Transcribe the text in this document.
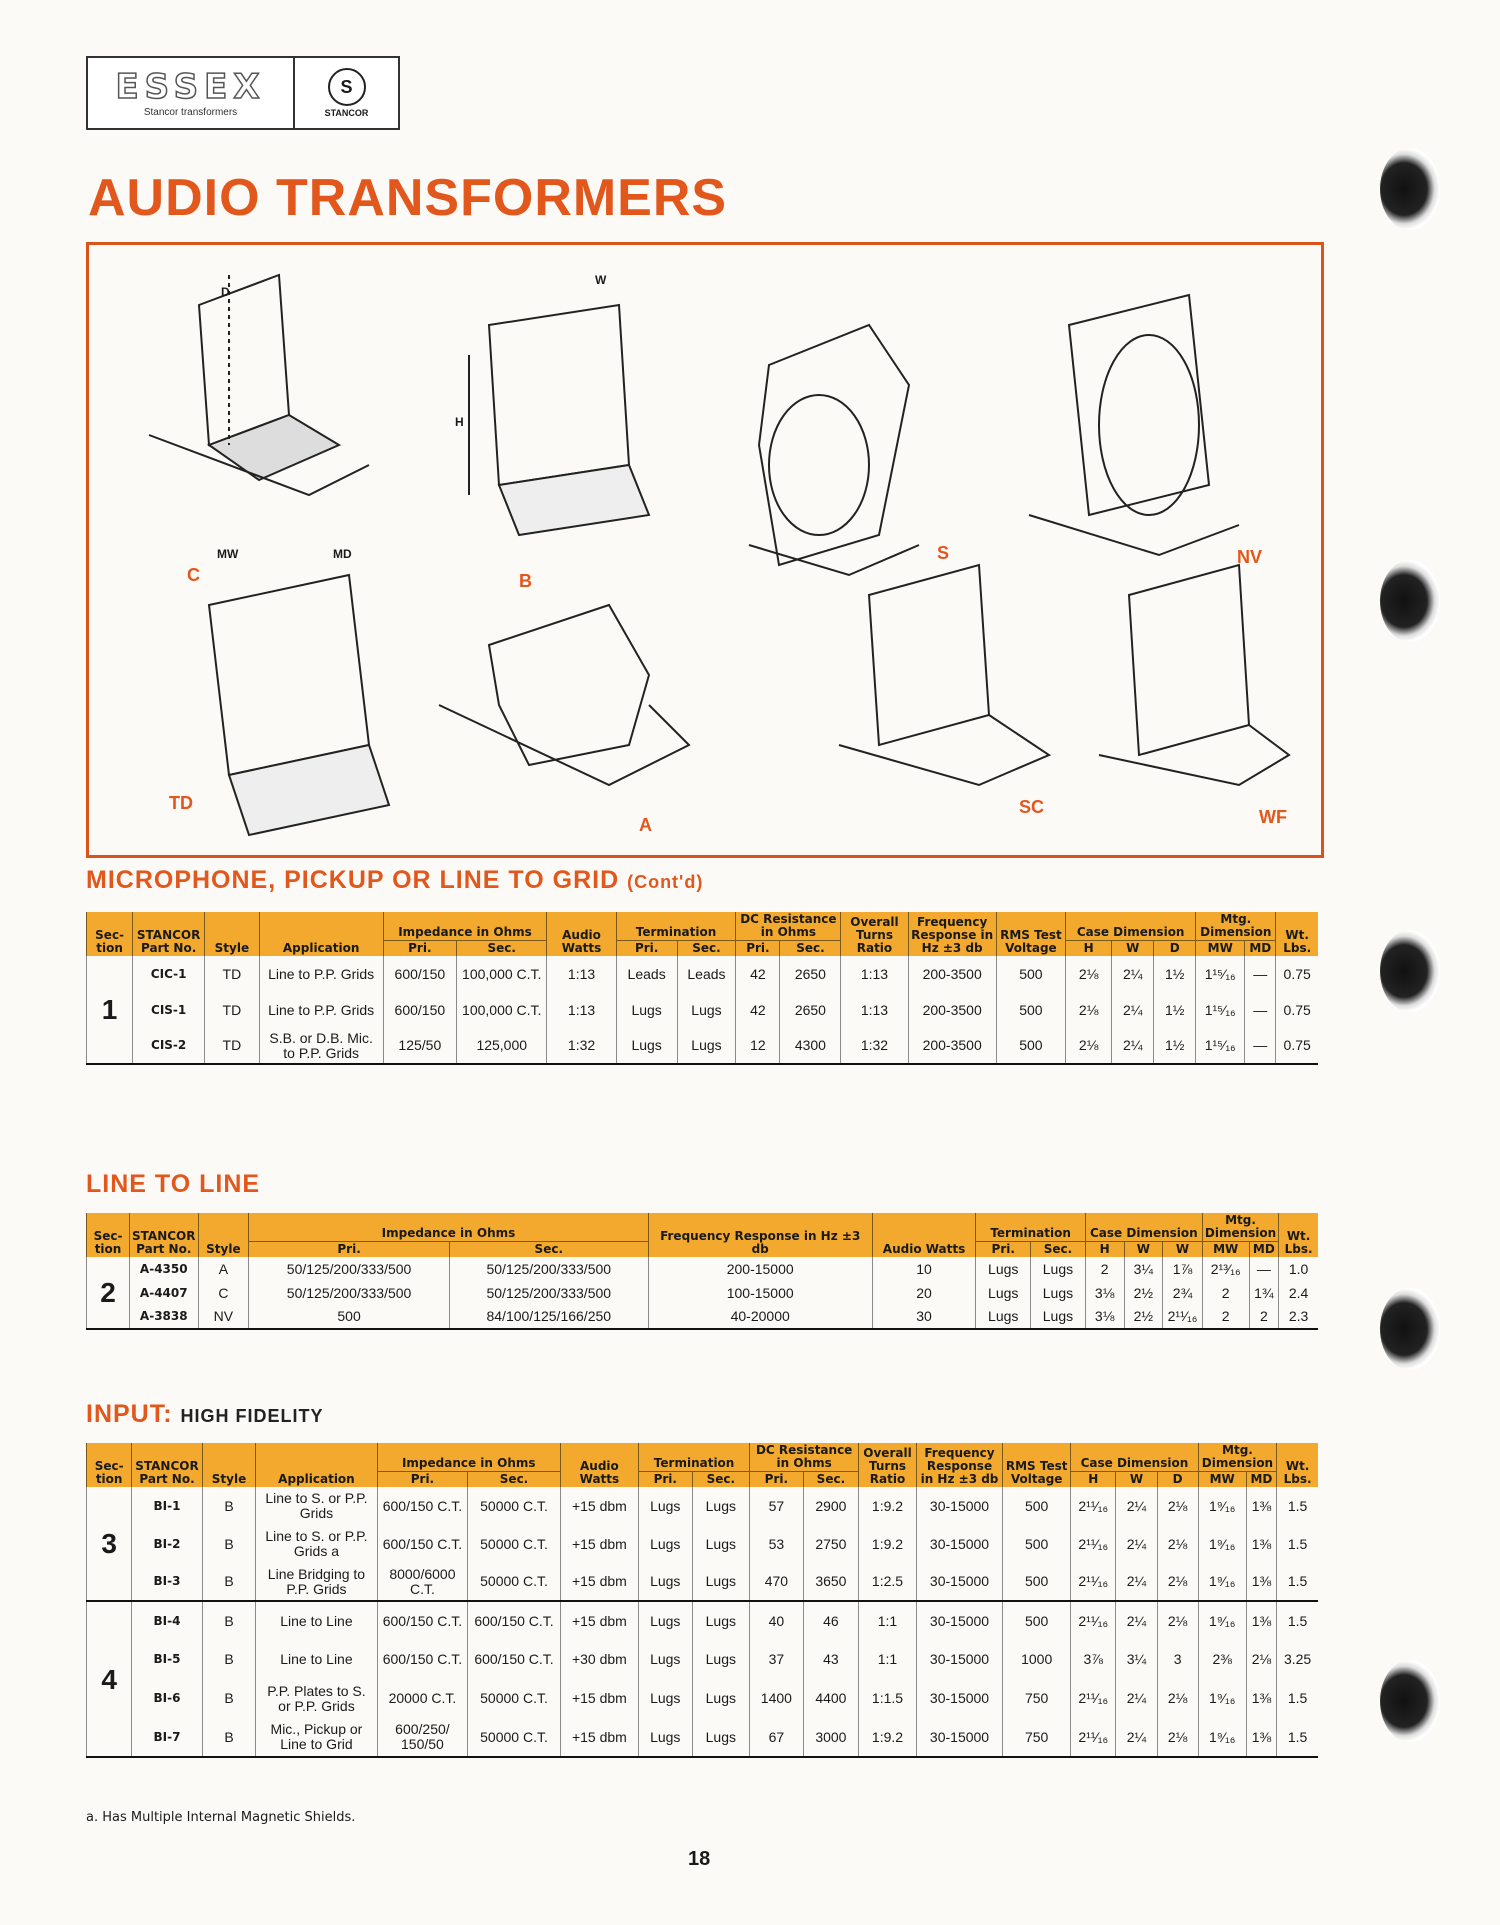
ESSEX
Stancor transformers
S
STANCOR
AUDIO TRANSFORMERS
C	B
S	NV
TD
A
SC	WF
D
W
H
MW	MD
MICROPHONE, PICKUP OR LINE TO GRID (Cont'd)
Sec-tion	STANCOR Part No.	Style	Application	Impedance in Ohms		Audio Watts	Termination		DC Resistance in Ohms		Overall Turns Ratio	Frequency Response in Hz ±3 db	RMS Test Voltage	Case Dimension			Mtg. Dimension		Wt. Lbs.
				Pri.	Sec.		Pri.	Sec.	Pri.	Sec.				H	W	D	MW	MD	
1	CIC-1	TD	Line to P.P. Grids	600/150	100,000 C.T.	1:13	Leads	Leads	42	2650	1:13	200-3500	500	2⅛	2¼	1½	1¹⁵⁄₁₆	—	0.75
	CIS-1	TD	Line to P.P. Grids	600/150	100,000 C.T.	1:13	Lugs	Lugs	42	2650	1:13	200-3500	500	2⅛	2¼	1½	1¹⁵⁄₁₆	—	0.75
	CIS-2	TD	S.B. or D.B. Mic. to P.P. Grids	125/50	125,000	1:32	Lugs	Lugs	12	4300	1:32	200-3500	500	2⅛	2¼	1½	1¹⁵⁄₁₆	—	0.75
LINE TO LINE
Sec-tion	STANCOR Part No.	Style	Impedance in Ohms		Frequency Response in Hz ±3 db	Audio Watts	Termination		Case Dimension			Mtg. Dimension		Wt. Lbs.
			Pri.	Sec.			Pri.	Sec.	H	W	W	MW	MD	
2	A-4350	A	50/125/200/333/500	50/125/200/333/500	200-15000	10	Lugs	Lugs	2	3¼	1⅞	2¹³⁄₁₆	—	1.0
	A-4407	C	50/125/200/333/500	50/125/200/333/500	100-15000	20	Lugs	Lugs	3⅛	2½	2¾	2	1¾	2.4
	A-3838	NV	500	84/100/125/166/250	40-20000	30	Lugs	Lugs	3⅛	2½	2¹¹⁄₁₆	2	2	2.3
INPUT: HIGH FIDELITY
Sec-tion	STANCOR Part No.	Style	Application	Impedance in Ohms		Audio Watts	Termination		DC Resistance in Ohms		Overall Turns Ratio	Frequency Response in Hz ±3 db	RMS Test Voltage	Case Dimension			Mtg. Dimension		Wt. Lbs.
				Pri.	Sec.		Pri.	Sec.	Pri.	Sec.				H	W	D	MW	MD	
3	BI-1	B	Line to S. or P.P. Grids	600/150 C.T.	50000 C.T.	+15 dbm	Lugs	Lugs	57	2900	1:9.2	30-15000	500	2¹¹⁄₁₆	2¼	2⅛	1⁹⁄₁₆	1⅜	1.5
	BI-2	B	Line to S. or P.P. Grids a	600/150 C.T.	50000 C.T.	+15 dbm	Lugs	Lugs	53	2750	1:9.2	30-15000	500	2¹¹⁄₁₆	2¼	2⅛	1⁹⁄₁₆	1⅜	1.5
	BI-3	B	Line Bridging to P.P. Grids	8000/6000 C.T.	50000 C.T.	+15 dbm	Lugs	Lugs	470	3650	1:2.5	30-15000	500	2¹¹⁄₁₆	2¼	2⅛	1⁹⁄₁₆	1⅜	1.5
4	BI-4	B	Line to Line	600/150 C.T.	600/150 C.T.	+15 dbm	Lugs	Lugs	40	46	1:1	30-15000	500	2¹¹⁄₁₆	2¼	2⅛	1⁹⁄₁₆	1⅜	1.5
	BI-5	B	Line to Line	600/150 C.T.	600/150 C.T.	+30 dbm	Lugs	Lugs	37	43	1:1	30-15000	1000	3⅞	3¼	3	2⅜	2⅛	3.25
	BI-6	B	P.P. Plates to S. or P.P. Grids	20000 C.T.	50000 C.T.	+15 dbm	Lugs	Lugs	1400	4400	1:1.5	30-15000	750	2¹¹⁄₁₆	2¼	2⅛	1⁹⁄₁₆	1⅜	1.5
	BI-7	B	Mic., Pickup or Line to Grid	600/250/ 150/50	50000 C.T.	+15 dbm	Lugs	Lugs	67	3000	1:9.2	30-15000	750	2¹¹⁄₁₆	2¼	2⅛	1⁹⁄₁₆	1⅜	1.5
a. Has Multiple Internal Magnetic Shields.
18
